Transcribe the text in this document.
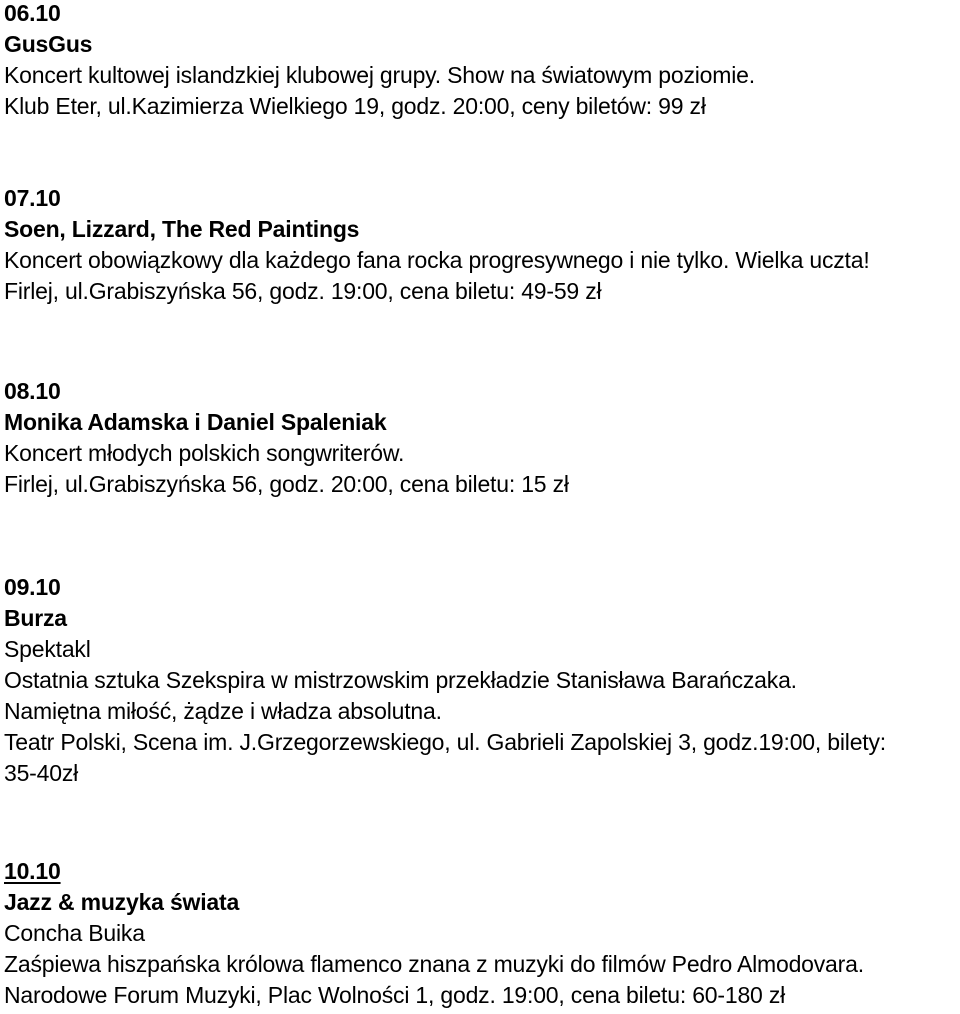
06.10
GusGus
Koncert kultowej islandzkiej klubowej grupy. Show na światowym poziomie.
Klub Eter, ul.Kazimierza Wielkiego 19, godz. 20:00, ceny biletów: 99 zł
07.10
Soen, Lizzard, The Red Paintings
Koncert obowiązkowy dla każdego fana rocka progresywnego i nie tylko. Wielka uczta!
Firlej, ul.Grabiszyńska 56, godz. 19:00, cena biletu: 49-59 zł
08.10
Monika Adamska i Daniel Spaleniak
Koncert młodych polskich songwriterów.
Firlej, ul.Grabiszyńska 56, godz. 20:00, cena biletu: 15 zł
09.10
Burza
Spektakl
Ostatnia sztuka Szekspira w mistrzowskim przekładzie Stanisława Barańczaka.
Namiętna miłość, żądze i władza absolutna.
Teatr Polski, Scena im. J.Grzegorzewskiego, ul. Gabrieli Zapolskiej 3, godz.19:00, bilety:
35-40zł
10.10
Jazz & muzyka świata
Concha Buika
Zaśpiewa hiszpańska królowa flamenco znana z muzyki do filmów Pedro Almodovara.
Narodowe Forum Muzyki, Plac Wolności 1, godz. 19:00, cena biletu: 60-180 zł
